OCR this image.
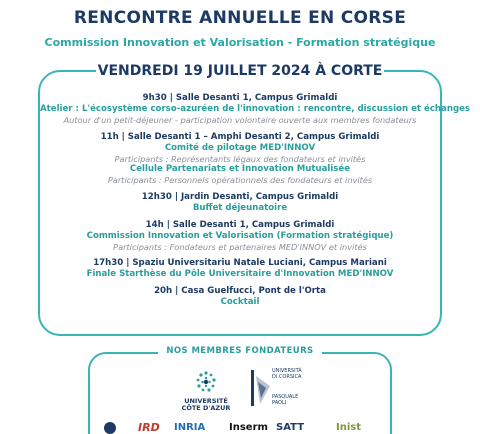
RENCONTRE ANNUELLE EN CORSE
Commission Innovation et Valorisation - Formation stratégique
VENDREDI 19 JUILLET 2024 À CORTE
9h30 | Salle Desanti 1, Campus Grimaldi
Atelier : L'écosystème corso-azuréen de l'innovation : rencontre, discussion et échanges
Autour d'un petit-déjeuner - participation volontaire ouverte aux membres fondateurs
11h | Salle Desanti 1 – Amphi Desanti 2, Campus Grimaldi
Comité de pilotage MED'INNOV
Participants : Représentants légaux des fondateurs et invités
Cellule Partenariats et Innovation Mutualisée
Participants : Personnels opérationnels des fondateurs et invités
12h30 | Jardin Desanti, Campus Grimaldi
Buffet déjeunatoire
14h | Salle Desanti 1, Campus Grimaldi
Commission Innovation et Valorisation (Formation stratégique)
Participants : Fondateurs et partenaires MED'INNOV et invités
17h30 | Spaziu Universitariu Natale Luciani, Campus Mariani
Finale Starthèse du Pôle Universitaire d'Innovation MED'INNOV
20h | Casa Guelfucci, Pont de l'Orta
Cocktail
NOS MEMBRES FONDATEURS
UNIVERSITÉ
CÔTE D'AZUR
UNIVERSITÀ
DI CORSICA
PASQUALE
PAOLI
IRD INRIA Inserm SATT	Inist
